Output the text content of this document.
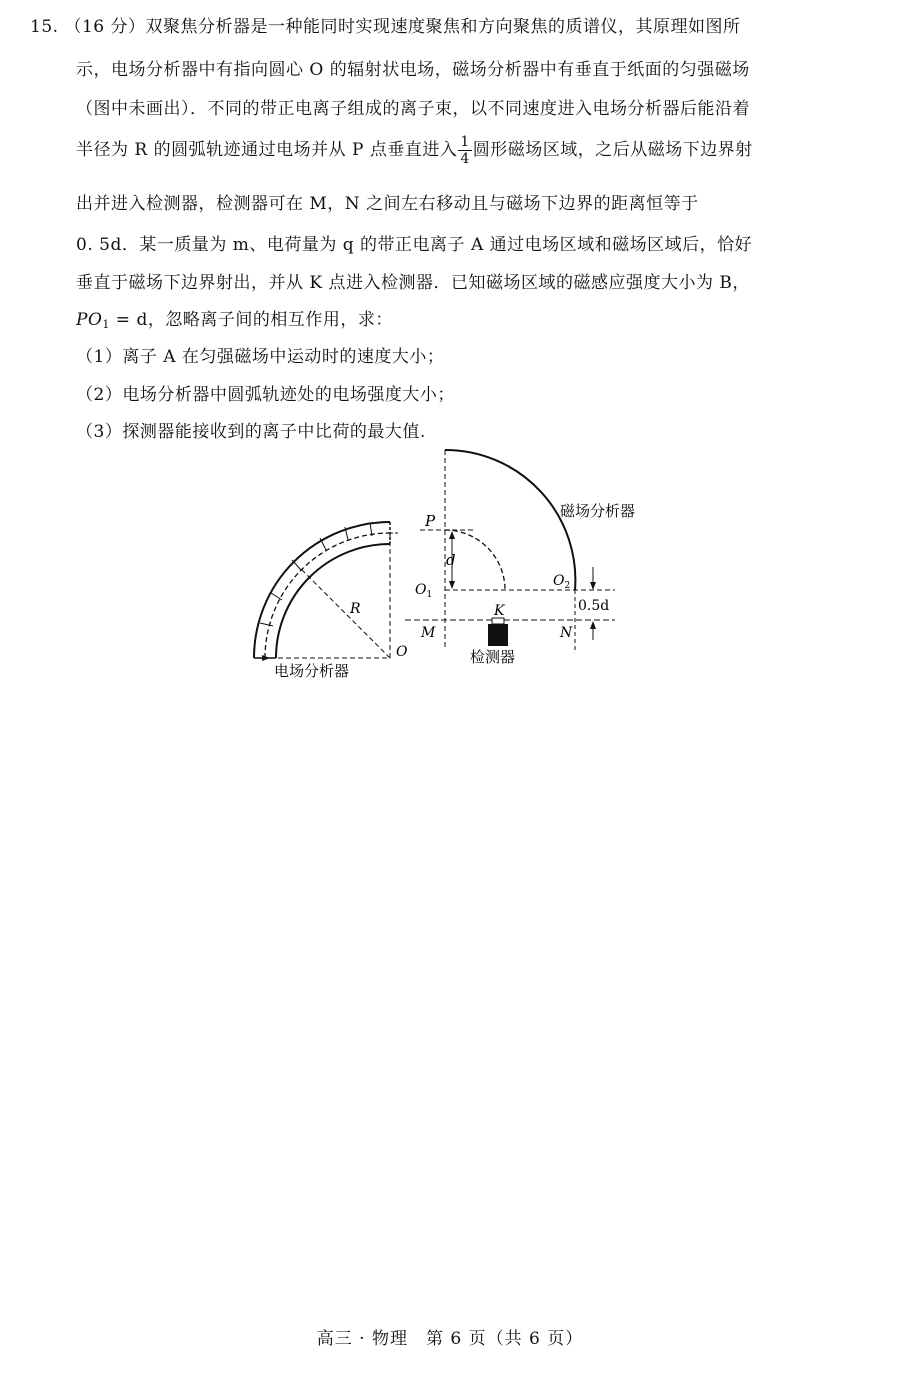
15. （16 分）双聚焦分析器是一种能同时实现速度聚焦和方向聚焦的质谱仪，其原理如图所
示，电场分析器中有指向圆心 O 的辐射状电场，磁场分析器中有垂直于纸面的匀强磁场
（图中未画出）．不同的带正电离子组成的离子束，以不同速度进入电场分析器后能沿着
半径为 R 的圆弧轨迹通过电场并从 P 点垂直进入 $\frac{1}{4}$ 圆形磁场区域，之后从磁场下边界射
出并进入检测器，检测器可在 M，N 之间左右移动且与磁场下边界的距离恒等于
0. 5d．某一质量为 m、电荷量为 q 的带正电离子 A 通过电场区域和磁场区域后，恰好
垂直于磁场下边界射出，并从 K 点进入检测器．已知磁场区域的磁感应强度大小为 B，
$PO_1 = d$，忽略离子间的相互作用，求：
（1）离子 A 在匀强磁场中运动时的速度大小；
（2）电场分析器中圆弧轨迹处的电场强度大小；
（3）探测器能接收到的离子中比荷的最大值.
P
d
$O_1$
$O_2$
K
M	N
R
O
0.5d
磁场分析器
电场分析器
检测器
高三 · 物理　第 6 页（共 6 页）
